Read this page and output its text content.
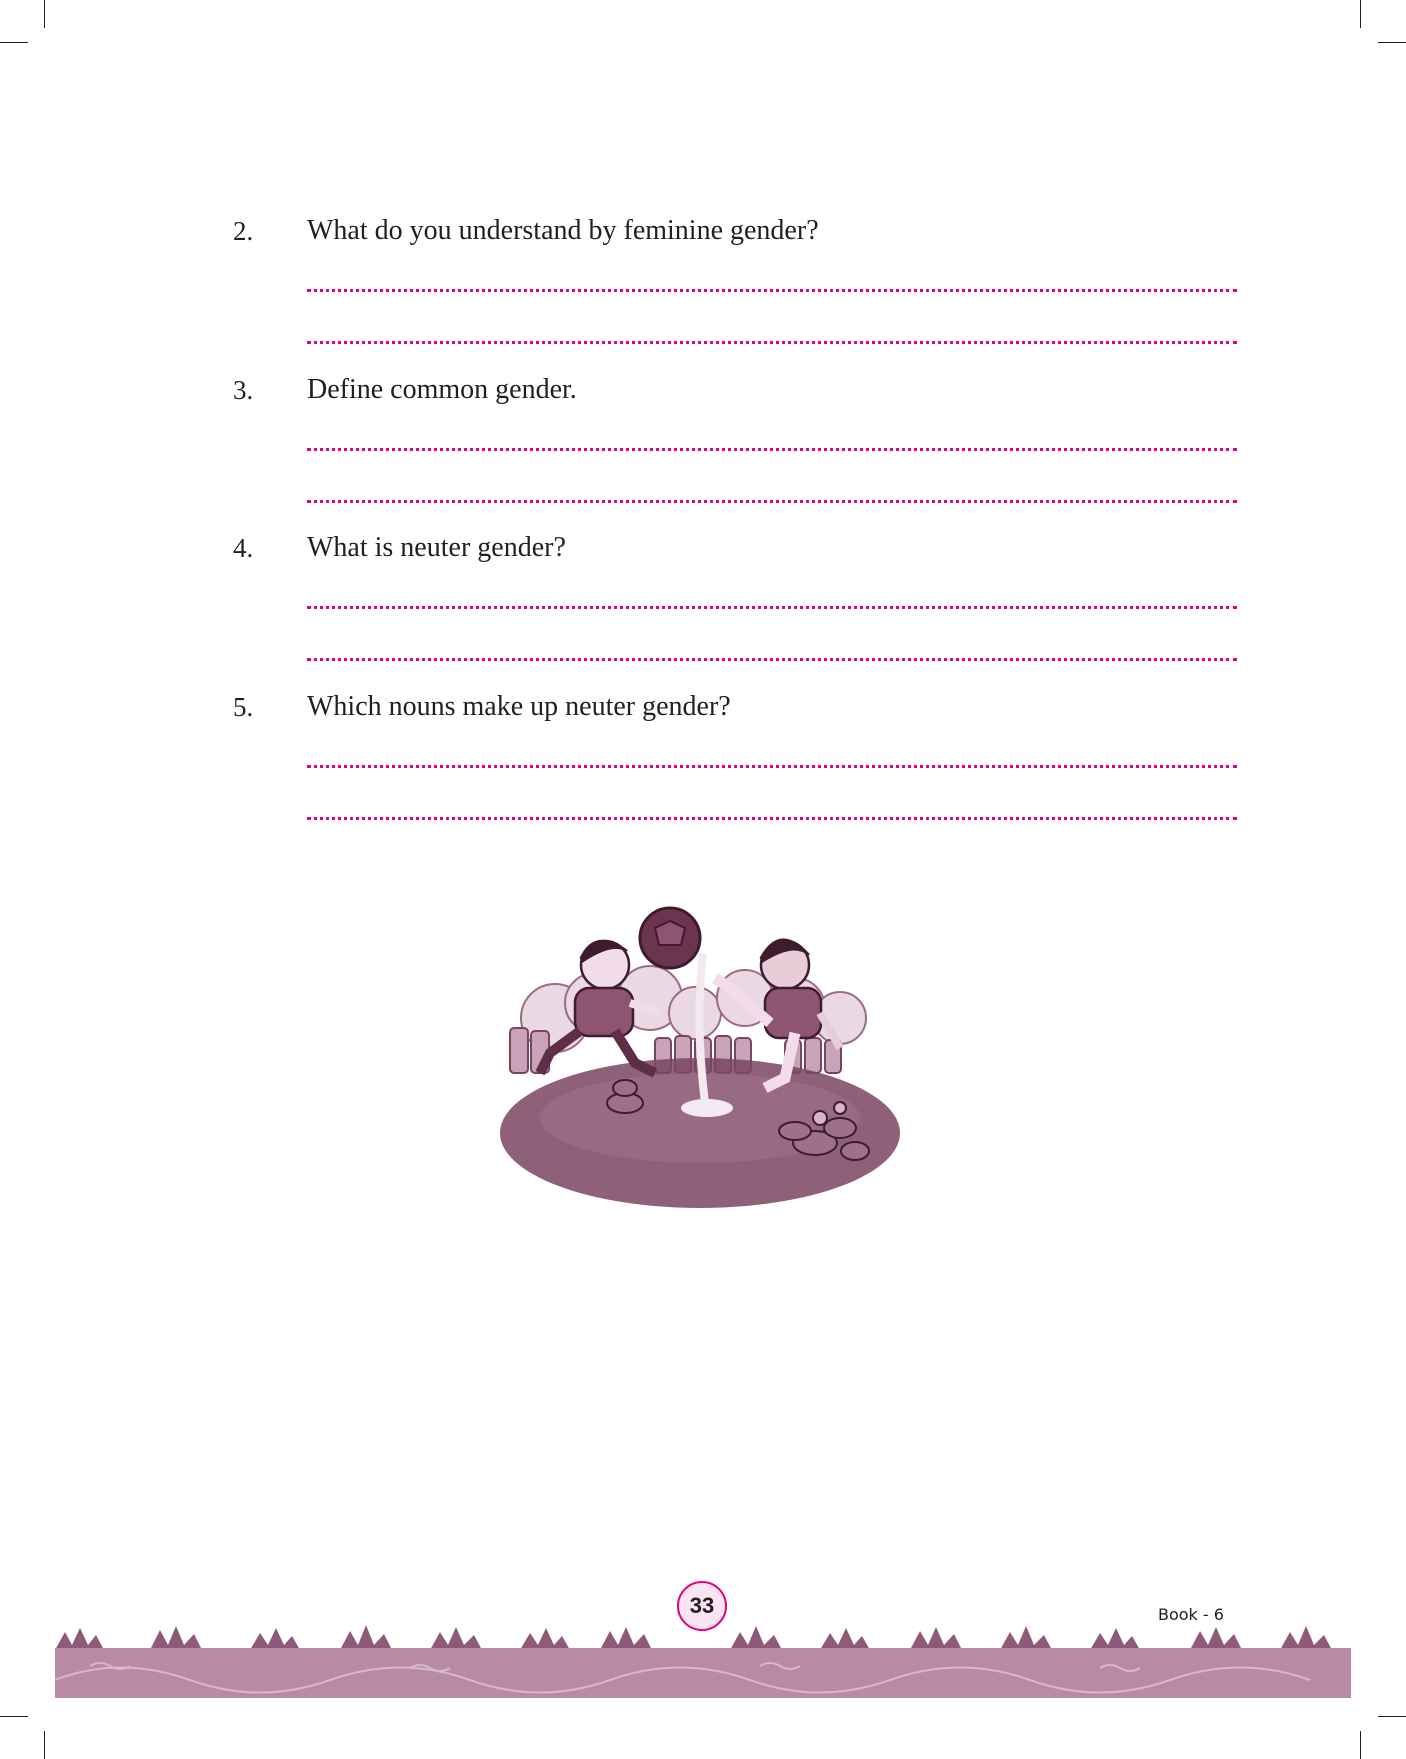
2. What do you understand by feminine gender?
3. Define common gender.
4. What is neuter gender?
5. Which nouns make up neuter gender?
33	Book - 6
